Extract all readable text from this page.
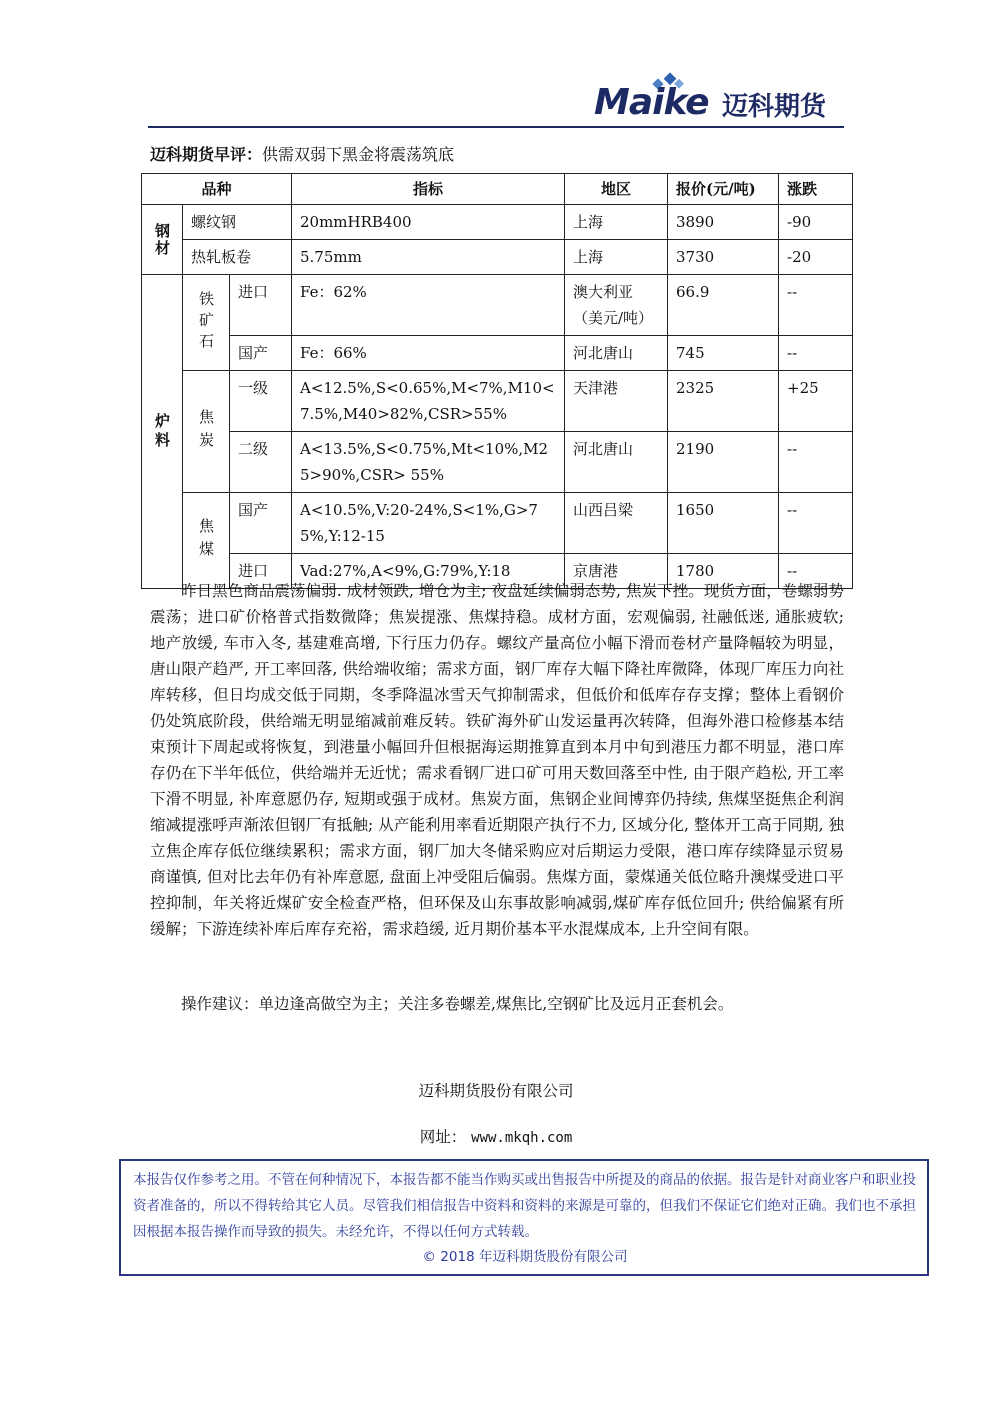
Maike 迈科期货
迈科期货早评：供需双弱下黑金将震荡筑底
品种			指标	地区	报价(元/吨)	涨跌
钢材	螺纹钢		20mmHRB400	上海	3890	-90
	热轧板卷		5.75mm	上海	3730	-20
炉料	铁矿石	进口	Fe：62%	澳大利亚（美元/吨）	66.9	--
		国产	Fe：66%	河北唐山	745	--
	焦炭	一级	A<12.5%,S<0.65%,M<7%,M10<7.5%,M40>82%,CSR>55%	天津港	2325	+25
		二级	A<13.5%,S<0.75%,Mt<10%,M25>90%,CSR> 55%	河北唐山	2190	--
	焦煤	国产	A<10.5%,V:20-24%,S<1%,G>75%,Y:12-15	山西吕梁	1650	--
		进口	Vad:27%,A<9%,G:79%,Y:18	京唐港	1780	--

昨日黑色商品震荡偏弱. 成材领跌, 增仓为主; 夜盘延续偏弱态势, 焦炭下挫。现货方面，卷螺弱势震荡；进口矿价格普式指数微降；焦炭提涨、焦煤持稳。成材方面，宏观偏弱, 社融低迷, 通胀疲软; 地产放缓, 车市入冬, 基建难高增, 下行压力仍存。螺纹产量高位小幅下滑而卷材产量降幅较为明显，唐山限产趋严, 开工率回落, 供给端收缩；需求方面，钢厂库存大幅下降社库微降，体现厂库压力向社库转移，但日均成交低于同期，冬季降温冰雪天气抑制需求，但低价和低库存存支撑；整体上看钢价仍处筑底阶段，供给端无明显缩减前难反转。铁矿海外矿山发运量再次转降，但海外港口检修基本结束预计下周起或将恢复，到港量小幅回升但根据海运期推算直到本月中旬到港压力都不明显，港口库存仍在下半年低位，供给端并无近忧；需求看钢厂进口矿可用天数回落至中性, 由于限产趋松, 开工率下滑不明显, 补库意愿仍存, 短期或强于成材。焦炭方面，焦钢企业间博弈仍持续, 焦煤坚挺焦企利润缩减提涨呼声渐浓但钢厂有抵触; 从产能利用率看近期限产执行不力, 区域分化, 整体开工高于同期, 独立焦企库存低位继续累积；需求方面，钢厂加大冬储采购应对后期运力受限，港口库存续降显示贸易商谨慎, 但对比去年仍有补库意愿, 盘面上冲受阻后偏弱。焦煤方面，蒙煤通关低位略升澳煤受进口平控抑制，年关将近煤矿安全检查严格，但环保及山东事故影响减弱,煤矿库存低位回升; 供给偏紧有所缓解；下游连续补库后库存充裕，需求趋缓, 近月期价基本平水混煤成本, 上升空间有限。

操作建议：单边逢高做空为主；关注多卷螺差,煤焦比,空钢矿比及远月正套机会。

迈科期货股份有限公司
网址： www.mkqh.com
本报告仅作参考之用。不管在何种情况下，本报告都不能当作购买或出售报告中所提及的商品的依据。报告是针对商业客户和职业投资者准备的，所以不得转给其它人员。尽管我们相信报告中资料和资料的来源是可靠的，但我们不保证它们绝对正确。我们也不承担因根据本报告操作而导致的损失。未经允许，不得以任何方式转载。
© 2018 年迈科期货股份有限公司
